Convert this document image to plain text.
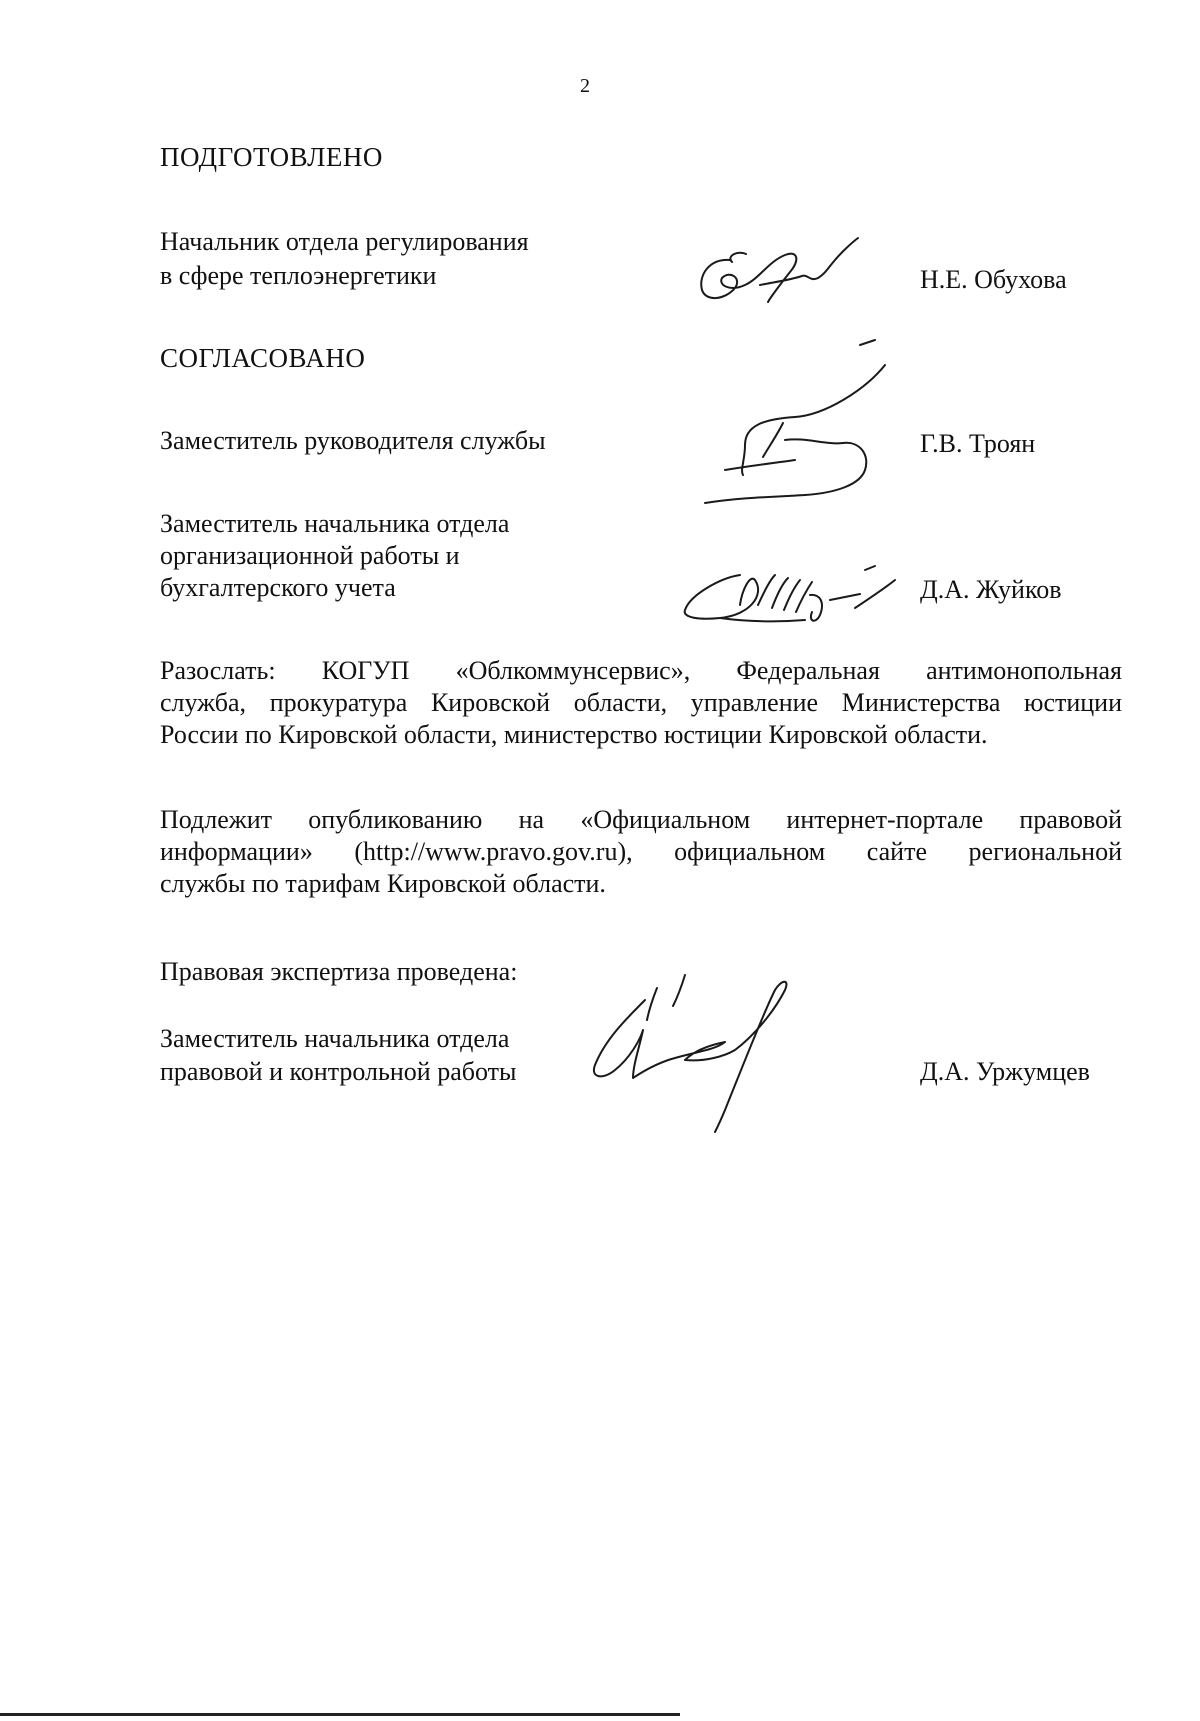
2
ПОДГОТОВЛЕНО
Начальник отдела регулирования
в сфере теплоэнергетики	Н.Е. Обухова
СОГЛАСОВАНО
Заместитель руководителя службы	Г.В. Троян
Заместитель начальника отдела
организационной работы и
бухгалтерского учета	Д.А. Жуйков
Разослать: КОГУП «Облкоммунсервис», Федеральная антимонопольная
служба, прокуратура Кировской области, управление Министерства юстиции
России по Кировской области, министерство юстиции Кировской области.
Подлежит опубликованию на «Официальном интернет-портале правовой
информации» (http://www.pravo.gov.ru), официальном сайте региональной
службы по тарифам Кировской области.
Правовая экспертиза проведена:
Заместитель начальника отдела
правовой и контрольной работы	Д.А. Уржумцев
